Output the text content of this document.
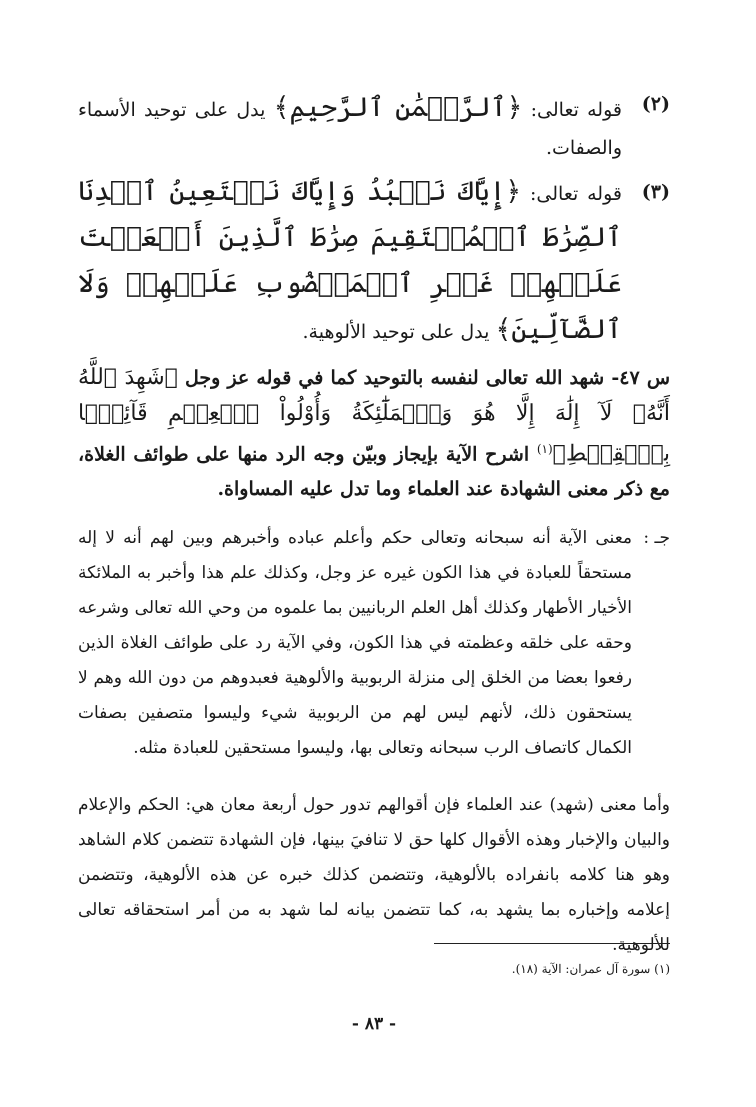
(٢)
قوله تعالى: ﴿ٱلرَّحۡمَٰنِ ٱلرَّحِيمِ﴾ يدل على توحيد الأسماء والصفات.
(٣)
قوله تعالى: ﴿إِيَّاكَ نَعۡبُدُ وَإِيَّاكَ نَسۡتَعِينُ ٱهۡدِنَا ٱلصِّرَٰطَ ٱلۡمُسۡتَقِيمَ صِرَٰطَ ٱلَّذِينَ أَنۡعَمۡتَ عَلَيۡهِمۡ غَيۡرِ ٱلۡمَغۡضُوبِ عَلَيۡهِمۡ وَلَا ٱلضَّآلِّينَ﴾ يدل على توحيد الألوهية.
س ٤٧- شهد الله تعالى لنفسه بالتوحيد كما في قوله عز وجل ﴿شَهِدَ ٱللَّهُ أَنَّهُۥ لَآ إِلَٰهَ إِلَّا هُوَ وَٱلۡمَلَٰٓئِكَةُ وَأُوْلُواْ ٱلۡعِلۡمِ قَآئِمَۢا بِٱلۡقِسۡطِ﴾$^{(١)}$ اشرح الآية بإيجاز وبيّن وجه الرد منها على طوائف الغلاة، مع ذكر معنى الشهادة عند العلماء وما تدل عليه المساواة.
جـ :
معنى الآية أنه سبحانه وتعالى حكم وأعلم عباده وأخبرهم وبين لهم أنه لا إله مستحقاً للعبادة في هذا الكون غيره عز وجل، وكذلك علم هذا وأخبر به الملائكة الأخيار الأطهار وكذلك أهل العلم الربانيين بما علموه من وحي الله تعالى وشرعه وحقه على خلقه وعظمته في هذا الكون، وفي الآية رد على طوائف الغلاة الذين رفعوا بعضا من الخلق إلى منزلة الربوبية والألوهية فعبدوهم من دون الله وهم لا يستحقون ذلك، لأنهم ليس لهم من الربوبية شيء وليسوا متصفين بصفات الكمال كاتصاف الرب سبحانه وتعالى بها، وليسوا مستحقين للعبادة مثله.
وأما معنى (شهد) عند العلماء فإن أقوالهم تدور حول أربعة معان هي: الحكم والإعلام والبيان والإخبار وهذه الأقوال كلها حق لا تنافيَ بينها، فإن الشهادة تتضمن كلام الشاهد وهو هنا كلامه بانفراده بالألوهية، وتتضمن كذلك خبره عن هذه الألوهية، وتتضمن إعلامه وإخباره بما يشهد به، كما تتضمن بيانه لما شهد به من أمر استحقاقه تعالى للألوهية.
(١) سورة آل عمران: الآية (١٨).
- ٨٣ -
